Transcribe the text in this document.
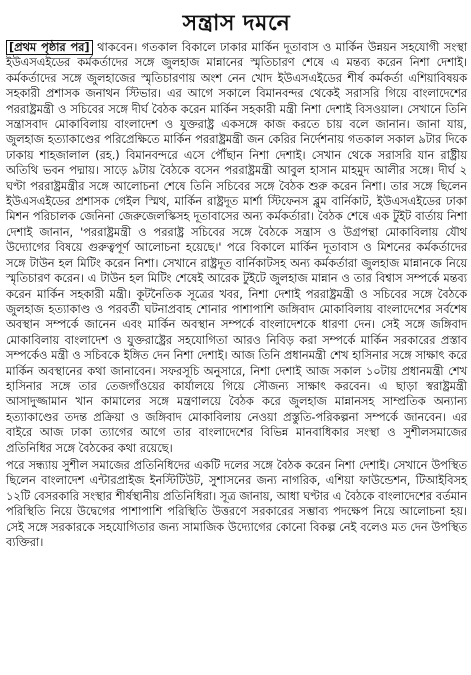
সন্ত্রাস দমনে

[প্রথম পৃষ্ঠার পর] থাকবেন। গতকাল বিকালে ঢাকার মার্কিন দূতাবাস ও মার্কিন উন্নয়ন সহযোগী সংস্থা ইউএসএইডের কর্মকর্তাদের সঙ্গে জুলহাজ মান্নানের স্মৃতিচারণ শেষে এ মন্তব্য করেন নিশা দেশাই। কর্মকর্তাদের সঙ্গে জুলহাজের স্মৃতিচারণায় অংশ নেন খোদ ইউএসএইডের শীর্ষ কর্মকর্তা এশিয়াবিষয়ক সহকারী প্রশাসক জনাথন স্টিভার। এর আগে সকালে বিমানবন্দর থেকেই সরাসরি গিয়ে বাংলাদেশের পররাষ্ট্রমন্ত্রী ও সচিবের সঙ্গে দীর্ঘ বৈঠক করেন মার্কিন সহকারী মন্ত্রী নিশা দেশাই বিসওয়াল। সেখানে তিনি সন্ত্রাসবাদ মোকাবিলায় বাংলাদেশ ও যুক্তরাষ্ট্র একসঙ্গে কাজ করতে চায় বলে জানান। জানা যায়, জুলহাজ হত্যাকাণ্ডের পরিপ্রেক্ষিতে মার্কিন পররাষ্ট্রমন্ত্রী জন কেরির নির্দেশনায় গতকাল সকাল ৯টার দিকে ঢাকায় শাহজালাল (রহ.) বিমানবন্দরে এসে পৌঁছান নিশা দেশাই। সেখান থেকে সরাসরি যান রাষ্ট্রীয় অতিথি ভবন পদ্মায়। সাড়ে ৯টায় বৈঠকে বসেন পররাষ্ট্রমন্ত্রী আবুল হাসান মাহমুদ আলীর সঙ্গে। দীর্ঘ ২ ঘণ্টা পররাষ্ট্রমন্ত্রীর সঙ্গে আলোচনা শেষে তিনি সচিবের সঙ্গে বৈঠক শুরু করেন নিশা। তার সঙ্গে ছিলেন ইউএসএইডের প্রশাসক গেইল স্মিথ, মার্কিন রাষ্ট্রদূত মার্শা স্টিফেনস ব্লুম বার্নিকাট, ইউএসএইডের ঢাকা মিশন পরিচালক জেনিনা জেরুজেলস্কিসহ দূতাবাসের অন্য কর্মকর্তারা। বৈঠক শেষে এক টুইট বার্তায় নিশা দেশাই জানান, 'পররাষ্ট্রমন্ত্রী ও পররাষ্ট্র সচিবের সঙ্গে বৈঠকে সন্ত্রাস ও উগ্রপন্থা মোকাবিলায় যৌথ উদ্যোগের বিষয়ে গুরুত্বপূর্ণ আলোচনা হয়েছে।' পরে বিকালে মার্কিন দূতাবাস ও মিশনের কর্মকর্তাদের সঙ্গে টাউন হল মিটিং করেন নিশা। সেখানে রাষ্ট্রদূত বার্নিকাটসহ অন্য কর্মকর্তারা জুলহাজ মান্নানকে নিয়ে স্মৃতিচারণ করেন। এ টাউন হল মিটিং শেষেই আরেক টুইটে জুলহাজ মান্নান ও তার বিশ্বাস সম্পর্কে মন্তব্য করেন মার্কিন সহকারী মন্ত্রী। কূটনৈতিক সূত্রের খবর, নিশা দেশাই পররাষ্ট্রমন্ত্রী ও সচিবের সঙ্গে বৈঠকে জুলহাজ হত্যাকাণ্ড ও পরবর্তী ঘটনাপ্রবাহ শোনার পাশাপাশি জঙ্গিবাদ মোকাবিলায় বাংলাদেশের সর্বশেষ অবস্থান সম্পর্কে জানেন এবং মার্কিন অবস্থান সম্পর্কে বাংলাদেশকে ধারণা দেন। সেই সঙ্গে জঙ্গিবাদ মোকাবিলায় বাংলাদেশ ও যুক্তরাষ্ট্রের সহযোগিতা আরও নিবিড় করা সম্পর্কে মার্কিন সরকারের প্রস্তাব সম্পর্কেও মন্ত্রী ও সচিবকে ইঙ্গিত দেন নিশা দেশাই। আজ তিনি প্রধানমন্ত্রী শেখ হাসিনার সঙ্গে সাক্ষাৎ করে মার্কিন অবস্থানের কথা জানাবেন। সফরসূচি অনুসারে, নিশা দেশাই আজ সকাল ১০টায় প্রধানমন্ত্রী শেখ হাসিনার সঙ্গে তার তেজগাঁওয়ের কার্যালয়ে গিয়ে সৌজন্য সাক্ষাৎ করবেন। এ ছাড়া স্বরাষ্ট্রমন্ত্রী আসাদুজ্জামান খান কামালের সঙ্গে মন্ত্রণালয়ে বৈঠক করে জুলহাজ মান্নানসহ সাম্প্রতিক অন্যান্য হত্যাকাণ্ডের তদন্ত প্রক্রিয়া ও জঙ্গিবাদ মোকাবিলায় নেওয়া প্রস্তুতি-পরিকল্পনা সম্পর্কে জানবেন। এর বাইরে আজ ঢাকা ত্যাগের আগে তার বাংলাদেশের বিভিন্ন মানবাধিকার সংস্থা ও সুশীলসমাজের প্রতিনিধির সঙ্গে বৈঠকের কথা রয়েছে।

পরে সন্ধ্যায় সুশীল সমাজের প্রতিনিধিদের একটি দলের সঙ্গে বৈঠক করেন নিশা দেশাই। সেখানে উপস্থিত ছিলেন বাংলাদেশ এন্টারপ্রাইজ ইনস্টিটিউট, সুশাসনের জন্য নাগরিক, এশিয়া ফাউন্ডেশন, টিআইবিসহ ১২টি বেসরকারি সংস্থার শীর্ষস্থানীয় প্রতিনিধিরা। সূত্র জানায়, আধা ঘণ্টার এ বৈঠকে বাংলাদেশের বর্তমান পরিস্থিতি নিয়ে উদ্বেগের পাশাপাশি পরিস্থিতি উত্তরণে সরকারের সম্ভাব্য পদক্ষেপ নিয়ে আলোচনা হয়। সেই সঙ্গে সরকারকে সহযোগিতার জন্য সামাজিক উদ্যোগের কোনো বিকল্প নেই বলেও মত দেন উপস্থিত ব্যক্তিরা।
